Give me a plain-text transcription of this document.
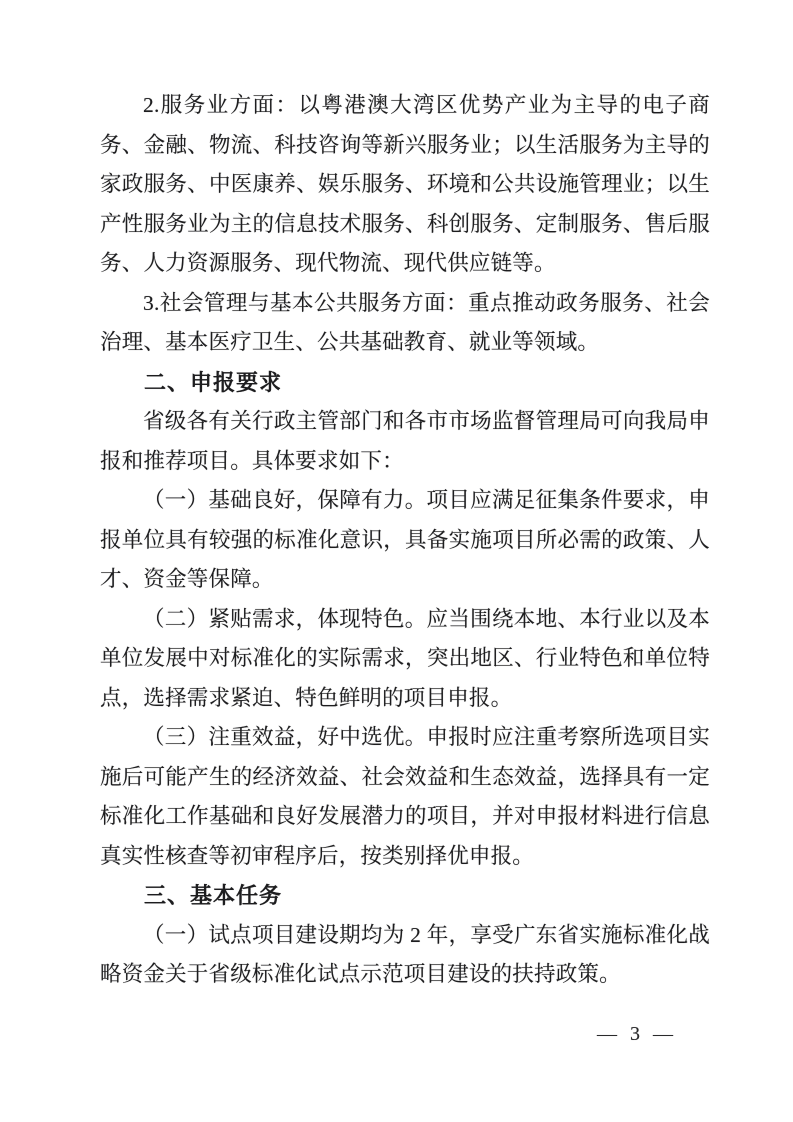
2.服务业方面：以粤港澳大湾区优势产业为主导的电子商务、金融、物流、科技咨询等新兴服务业；以生活服务为主导的家政服务、中医康养、娱乐服务、环境和公共设施管理业；以生产性服务业为主的信息技术服务、科创服务、定制服务、售后服务、人力资源服务、现代物流、现代供应链等。

3.社会管理与基本公共服务方面：重点推动政务服务、社会治理、基本医疗卫生、公共基础教育、就业等领域。

二、申报要求

省级各有关行政主管部门和各市市场监督管理局可向我局申报和推荐项目。具体要求如下：

（一）基础良好，保障有力。项目应满足征集条件要求，申报单位具有较强的标准化意识，具备实施项目所必需的政策、人才、资金等保障。

（二）紧贴需求，体现特色。应当围绕本地、本行业以及本单位发展中对标准化的实际需求，突出地区、行业特色和单位特点，选择需求紧迫、特色鲜明的项目申报。

（三）注重效益，好中选优。申报时应注重考察所选项目实施后可能产生的经济效益、社会效益和生态效益，选择具有一定标准化工作基础和良好发展潜力的项目，并对申报材料进行信息真实性核查等初审程序后，按类别择优申报。

三、基本任务

（一）试点项目建设期均为 2 年，享受广东省实施标准化战略资金关于省级标准化试点示范项目建设的扶持政策。

— 3 —
